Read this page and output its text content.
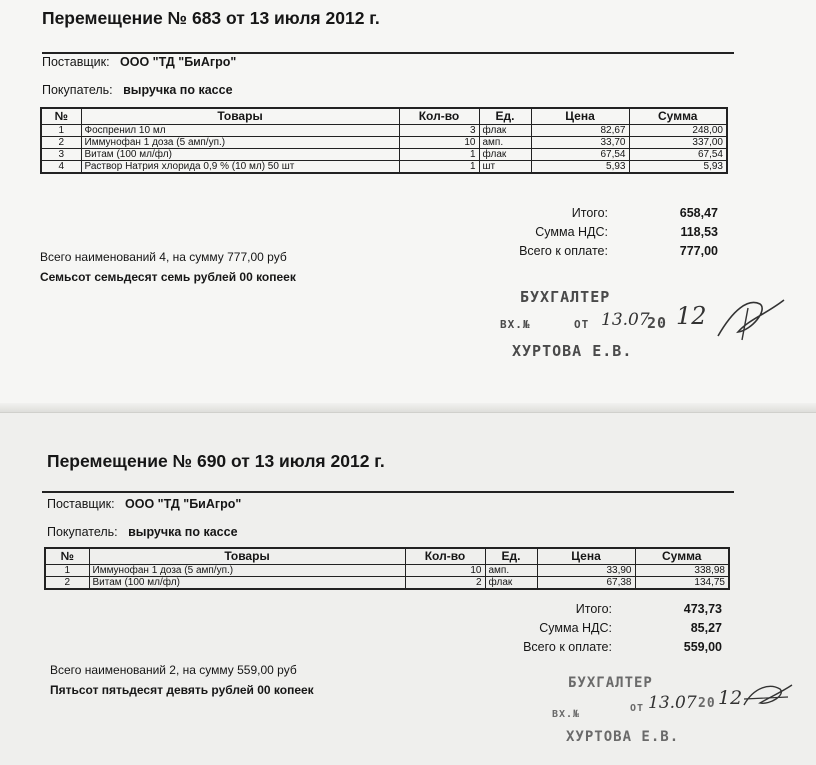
Перемещение № 683 от 13 июля 2012 г.
Поставщик: ООО "ТД "БиАгро"
Покупатель: выручка по кассе
№	Товары	Кол-во	Ед.	Цена	Сумма
1	Фоспренил 10 мл	3	флак	82,67	248,00
2	Иммунофан 1 доза (5 амп/уп.)	10	амп.	33,70	337,00
3	Витам (100 мл/фл)	1	флак	67,54	67,54
4	Раствор Натрия хлорида 0,9 % (10 мл) 50 шт	1	шт	5,93	5,93
Итого:	658,47
Сумма НДС:	118,53
Всего к оплате:	777,00
Всего наименований 4, на сумму 777,00 руб
Семьсот семьдесят семь рублей 00 копеек
БУХГАЛТЕР
ВХ.№	ОТ	20
ХУРТОВА Е.В.
13.07 12
Перемещение № 690 от 13 июля 2012 г.
Поставщик: ООО "ТД "БиАгро"
Покупатель: выручка по кассе
№	Товары	Кол-во	Ед.	Цена	Сумма
1	Иммунофан 1 доза (5 амп/уп.)	10	амп.	33,90	338,98
2	Витам (100 мл/фл)	2	флак	67,38	134,75
Итого:	473,73
Сумма НДС:	85,27
Всего к оплате:	559,00
Всего наименований 2, на сумму 559,00 руб
Пятьсот пятьдесят девять рублей 00 копеек	БУХГАЛТЕР
ВХ.№
ОТ	20
ХУРТОВА Е.В.
13.07 12
